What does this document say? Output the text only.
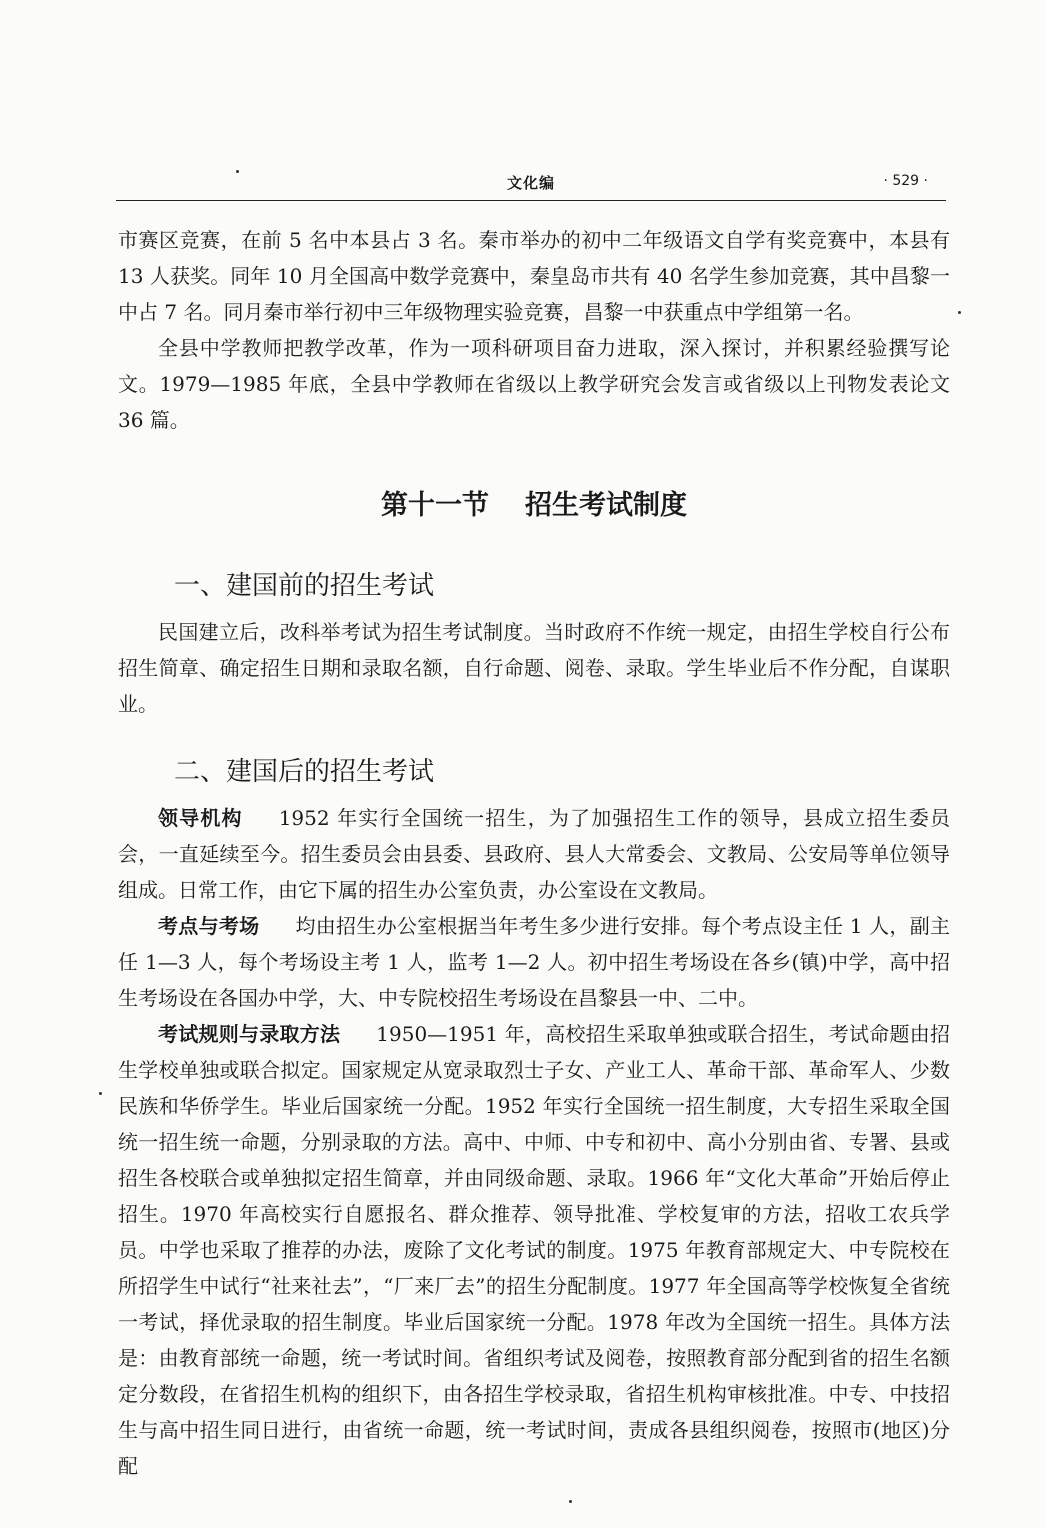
文化编	· 529 ·

市赛区竞赛，在前 5 名中本县占 3 名。秦市举办的初中二年级语文自学有奖竞赛中，本县有 13 人获奖。同年 10 月全国高中数学竞赛中，秦皇岛市共有 40 名学生参加竞赛，其中昌黎一中占 7 名。同月秦市举行初中三年级物理实验竞赛，昌黎一中获重点中学组第一名。

全县中学教师把教学改革，作为一项科研项目奋力进取，深入探讨，并积累经验撰写论文。1979—1985 年底，全县中学教师在省级以上教学研究会发言或省级以上刊物发表论文 36 篇。

第十一节 招生考试制度
一、建国前的招生考试

民国建立后，改科举考试为招生考试制度。当时政府不作统一规定，由招生学校自行公布招生简章、确定招生日期和录取名额，自行命题、阅卷、录取。学生毕业后不作分配，自谋职业。

二、建国后的招生考试

领导机构 1952 年实行全国统一招生，为了加强招生工作的领导，县成立招生委员会，一直延续至今。招生委员会由县委、县政府、县人大常委会、文教局、公安局等单位领导组成。日常工作，由它下属的招生办公室负责，办公室设在文教局。

考点与考场 均由招生办公室根据当年考生多少进行安排。每个考点设主任 1 人，副主任 1—3 人，每个考场设主考 1 人，监考 1—2 人。初中招生考场设在各乡(镇)中学，高中招生考场设在各国办中学，大、中专院校招生考场设在昌黎县一中、二中。

考试规则与录取方法 1950—1951 年，高校招生采取单独或联合招生，考试命题由招生学校单独或联合拟定。国家规定从宽录取烈士子女、产业工人、革命干部、革命军人、少数民族和华侨学生。毕业后国家统一分配。1952 年实行全国统一招生制度，大专招生采取全国统一招生统一命题，分别录取的方法。高中、中师、中专和初中、高小分别由省、专署、县或招生各校联合或单独拟定招生简章，并由同级命题、录取。1966 年“文化大革命”开始后停止招生。1970 年高校实行自愿报名、群众推荐、领导批准、学校复审的方法，招收工农兵学员。中学也采取了推荐的办法，废除了文化考试的制度。1975 年教育部规定大、中专院校在所招学生中试行“社来社去”，“厂来厂去”的招生分配制度。1977 年全国高等学校恢复全省统一考试，择优录取的招生制度。毕业后国家统一分配。1978 年改为全国统一招生。具体方法是：由教育部统一命题，统一考试时间。省组织考试及阅卷，按照教育部分配到省的招生名额定分数段，在省招生机构的组织下，由各招生学校录取，省招生机构审核批准。中专、中技招生与高中招生同日进行，由省统一命题，统一考试时间，责成各县组织阅卷，按照市(地区)分配
